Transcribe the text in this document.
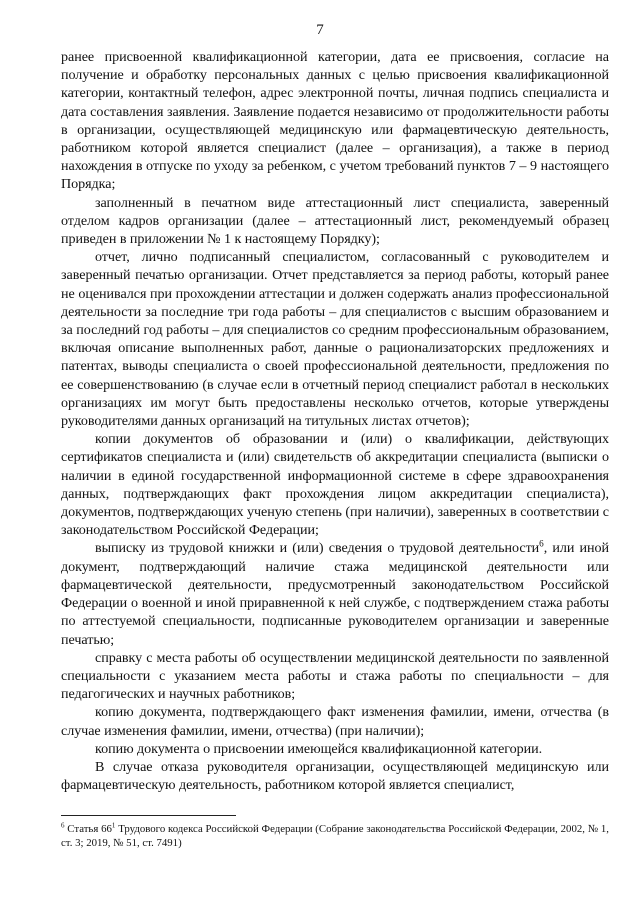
7

ранее присвоенной квалификационной категории, дата ее присвоения, согласие на получение и обработку персональных данных с целью присвоения квалификационной категории, контактный телефон, адрес электронной почты, личная подпись специалиста и дата составления заявления. Заявление подается независимо от продолжительности работы в организации, осуществляющей медицинскую или фармацевтическую деятельность, работником которой является специалист (далее – организация), а также в период нахождения в отпуске по уходу за ребенком, с учетом требований пунктов 7 – 9 настоящего Порядка;

заполненный в печатном виде аттестационный лист специалиста, заверенный отделом кадров организации (далее – аттестационный лист, рекомендуемый образец приведен в приложении № 1 к настоящему Порядку);

отчет, лично подписанный специалистом, согласованный с руководителем и заверенный печатью организации. Отчет представляется за период работы, который ранее не оценивался при прохождении аттестации и должен содержать анализ профессиональной деятельности за последние три года работы – для специалистов с высшим образованием и за последний год работы – для специалистов со средним профессиональным образованием, включая описание выполненных работ, данные о рационализаторских предложениях и патентах, выводы специалиста о своей профессиональной деятельности, предложения по ее совершенствованию (в случае если в отчетный период специалист работал в нескольких организациях им могут быть предоставлены несколько отчетов, которые утверждены руководителями данных организаций на титульных листах отчетов);

копии документов об образовании и (или) о квалификации, действующих сертификатов специалиста и (или) свидетельств об аккредитации специалиста (выписки о наличии в единой государственной информационной системе в сфере здравоохранения данных, подтверждающих факт прохождения лицом аккредитации специалиста), документов, подтверждающих ученую степень (при наличии), заверенных в соответствии с законодательством Российской Федерации;

выписку из трудовой книжки и (или) сведения о трудовой деятельности$^6$, или иной документ, подтверждающий наличие стажа медицинской деятельности или фармацевтической деятельности, предусмотренный законодательством Российской Федерации о военной и иной приравненной к ней службе, с подтверждением стажа работы по аттестуемой специальности, подписанные руководителем организации и заверенные печатью;

справку с места работы об осуществлении медицинской деятельности по заявленной специальности с указанием места работы и стажа работы по специальности – для педагогических и научных работников;

копию документа, подтверждающего факт изменения фамилии, имени, отчества (в случае изменения фамилии, имени, отчества) (при наличии);

копию документа о присвоении имеющейся квалификационной категории.

В случае отказа руководителя организации, осуществляющей медицинскую или фармацевтическую деятельность, работником которой является специалист,

$^6$ Статья $66^1$ Трудового кодекса Российской Федерации (Собрание законодательства Российской Федерации, 2002, № 1, ст. 3; 2019, № 51, ст. 7491)
